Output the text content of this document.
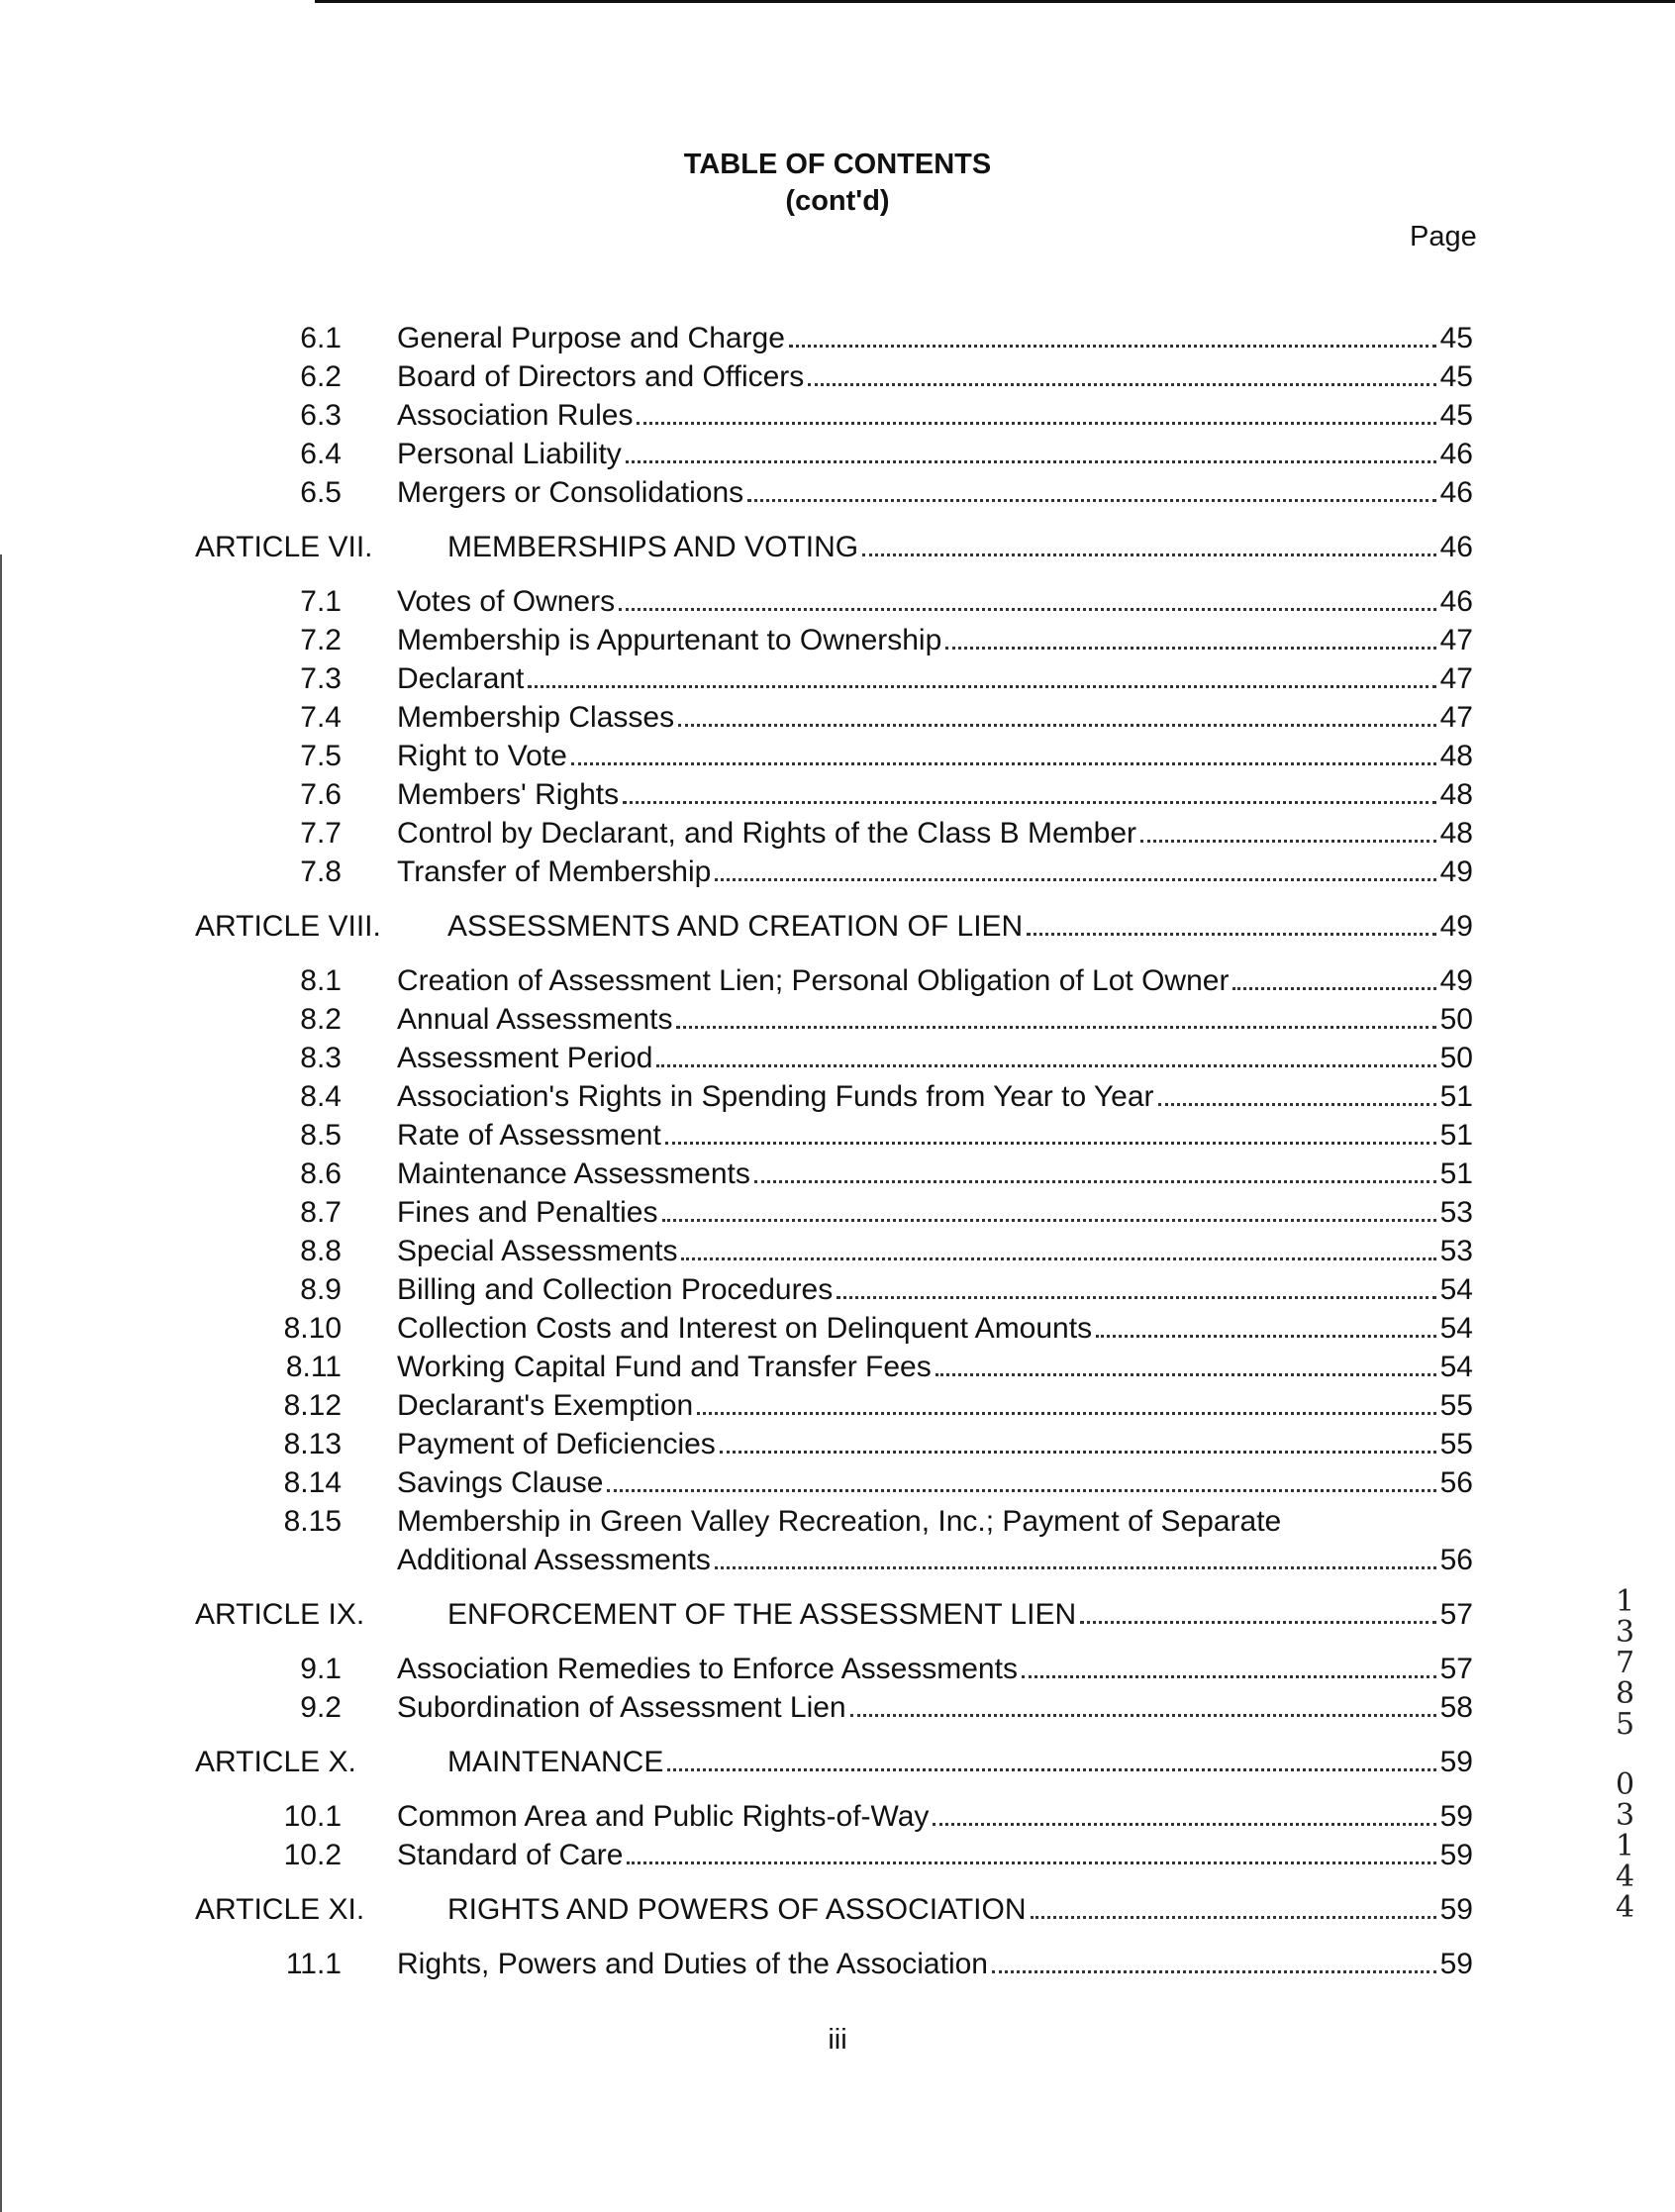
TABLE OF CONTENTS
(cont'd)
Page
6.1 General Purpose and Charge	45
6.2 Board of Directors and Officers	45
6.3 Association Rules	45
6.4 Personal Liability	46
6.5 Mergers or Consolidations	46
ARTICLE VII.	MEMBERSHIPS AND VOTING	46
7.1 Votes of Owners	46
7.2 Membership is Appurtenant to Ownership	47
7.3 Declarant	47
7.4 Membership Classes	47
7.5 Right to Vote	48
7.6 Members' Rights	48
7.7 Control by Declarant, and Rights of the Class B Member	48
7.8 Transfer of Membership	49
ARTICLE VIII. ASSESSMENTS AND CREATION OF LIEN	49
8.1 Creation of Assessment Lien; Personal Obligation of Lot Owner	49
8.2 Annual Assessments	50
8.3 Assessment Period	50
8.4 Association's Rights in Spending Funds from Year to Year	51
8.5 Rate of Assessment	51
8.6 Maintenance Assessments	51
8.7 Fines and Penalties	53
8.8 Special Assessments	53
8.9 Billing and Collection Procedures	54
8.10 Collection Costs and Interest on Delinquent Amounts	54
8.11 Working Capital Fund and Transfer Fees	54
8.12 Declarant's Exemption	55
8.13 Payment of Deficiencies	55
8.14 Savings Clause	56
8.15 Membership in Green Valley Recreation, Inc.; Payment of Separate
Additional Assessments	56
ARTICLE IX.	ENFORCEMENT OF THE ASSESSMENT LIEN	57
9.1 Association Remedies to Enforce Assessments	57
9.2 Subordination of Assessment Lien	58
ARTICLE X.	MAINTENANCE	59
10.1 Common Area and Public Rights-of-Way	59
10.2 Standard of Care	59
ARTICLE XI.	RIGHTS AND POWERS OF ASSOCIATION	59
11.1 Rights, Powers and Duties of the Association	59
iii
13785
03144
